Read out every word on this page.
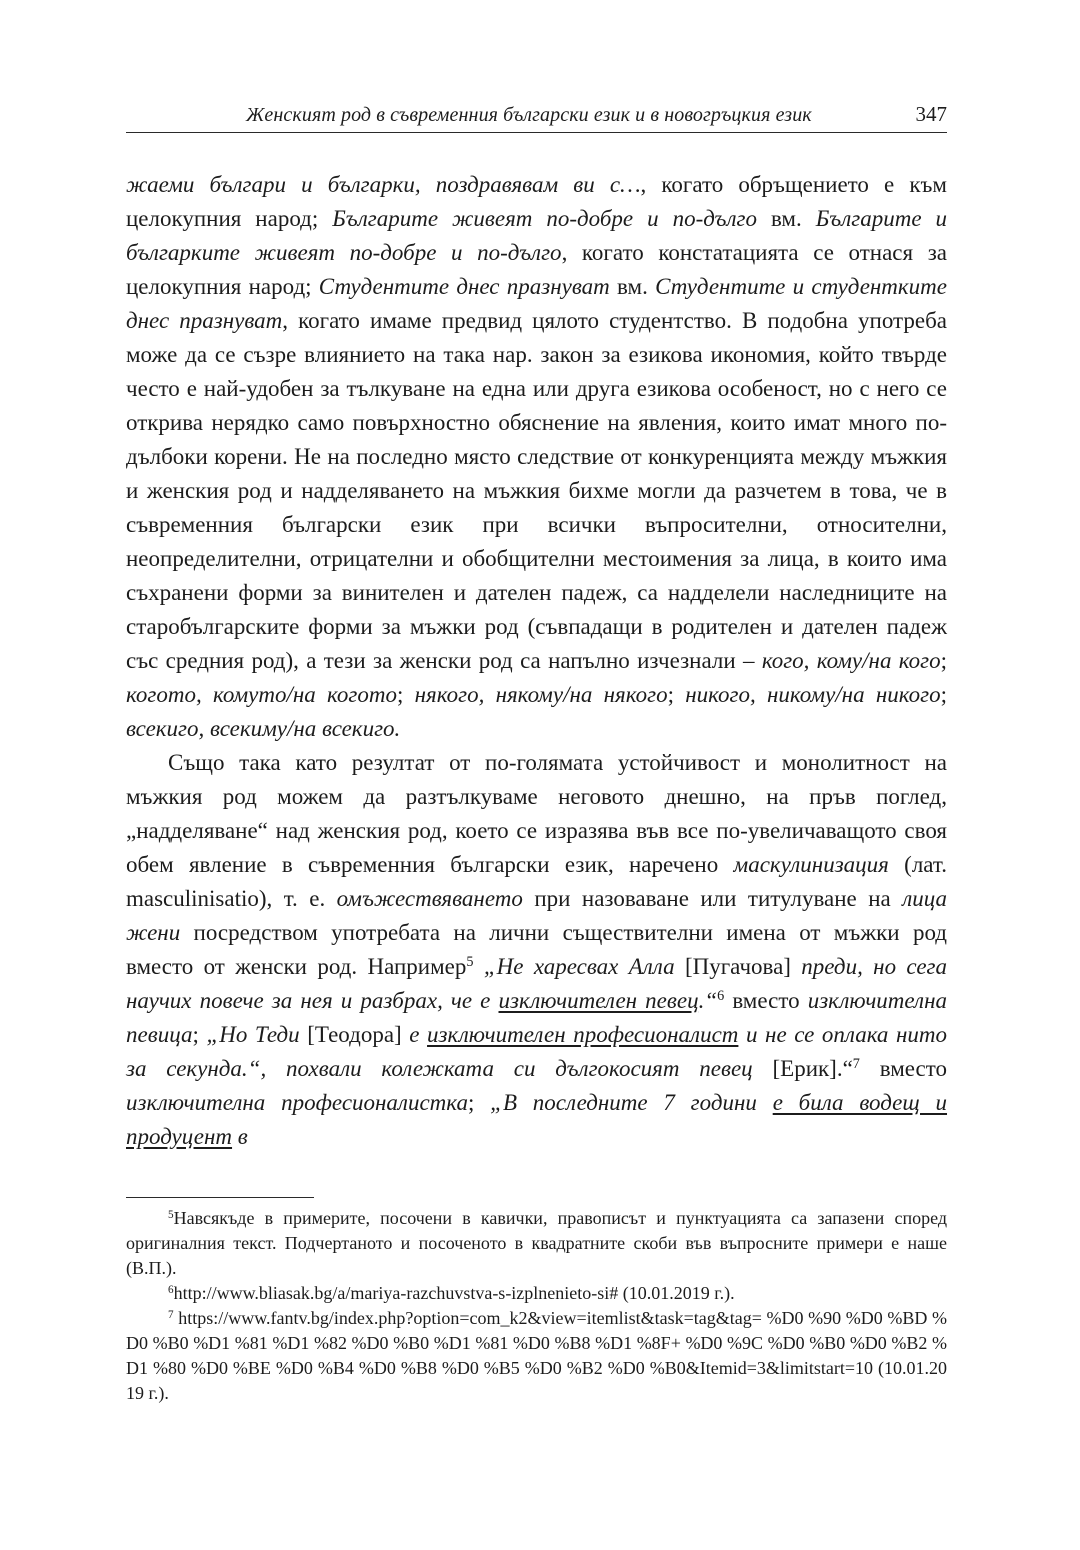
Женският род в съвременния български език и в новогръцкия език	347

жаеми българи и българки, поздравявам ви с…, когато обръщението е към целокупния народ; Българите живеят по-добре и по-дълго вм. Българите и българките живеят по-добре и по-дълго, когато констатацията се отнася за целокупния народ; Студентите днес празнуват вм. Студентите и студентките днес празнуват, когато имаме предвид цялото студентство. В подобна употреба може да се съзре влиянието на така нар. закон за езикова икономия, който твърде често е най-удобен за тълкуване на една или друга езикова особеност, но с него се открива нерядко само повърхностно обяснение на явления, които имат много по-дълбоки корени. Не на последно място следствие от конкуренцията между мъжкия и женския род и надделяването на мъжкия бихме могли да разчетем в това, че в съвременния български език при всички въпросителни, относителни, неопределителни, отрицателни и обобщителни местоимения за лица, в които има съхранени форми за винителен и дателен падеж, са надделели наследниците на старобългарските форми за мъжки род (съвпадащи в родителен и дателен падеж със средния род), а тези за женски род са напълно изчезнали – кого, кому/на кого; когото, комуто/на когото; някого, някому/на някого; никого, никому/на никого; всекиго, всекиму/на всекиго.

Също така като резултат от по-голямата устойчивост и монолитност на мъжкия род можем да разтълкуваме неговото днешно, на пръв поглед, „надделяване“ над женския род, което се изразява във все по-увеличаващото своя обем явление в съвременния български език, наречено маскулинизация (лат. masculinisatio), т. е. омъжествяването при назоваване или титулуване на лица жени посредством употребата на лични съществителни имена от мъжки род вместо от женски род. Например$^5$ „Не харесвах Алла [Пугачова] преди, но сега научих повече за нея и разбрах, че е изключителен певец.“$^6$ вместо изключителна певица; „Но Теди [Теодора] е изключителен професионалист и не се оплака нито за секунда.“, похвали колежката си дългокосият певец [Ерик].“$^7$ вместо изключителна професионалистка; „В последните 7 години е била водещ и продуцент в

$^5$Навсякъде в примерите, посочени в кавички, правописът и пунктуацията са запазени според оригиналния текст. Подчертаното и посоченото в квадратните скоби във въпросните примери е наше (В.П.).

$^6$http://www.bliasak.bg/a/mariya-razchuvstva-s-izplnenieto-si# (10.01.2019 г.).

$^7$ https://www.fantv.bg/index.php?option=com_k2&view=itemlist&task=tag&tag= %D0 %90 %D0 %BD %D0 %B0 %D1 %81 %D1 %82 %D0 %B0 %D1 %81 %D0 %B8 %D1 %8F+ %D0 %9C %D0 %B0 %D0 %B2 %D1 %80 %D0 %BE %D0 %B4 %D0 %B8 %D0 %B5 %D0 %B2 %D0 %B0&Itemid=3&limitstart=10 (10.01.2019 г.).
